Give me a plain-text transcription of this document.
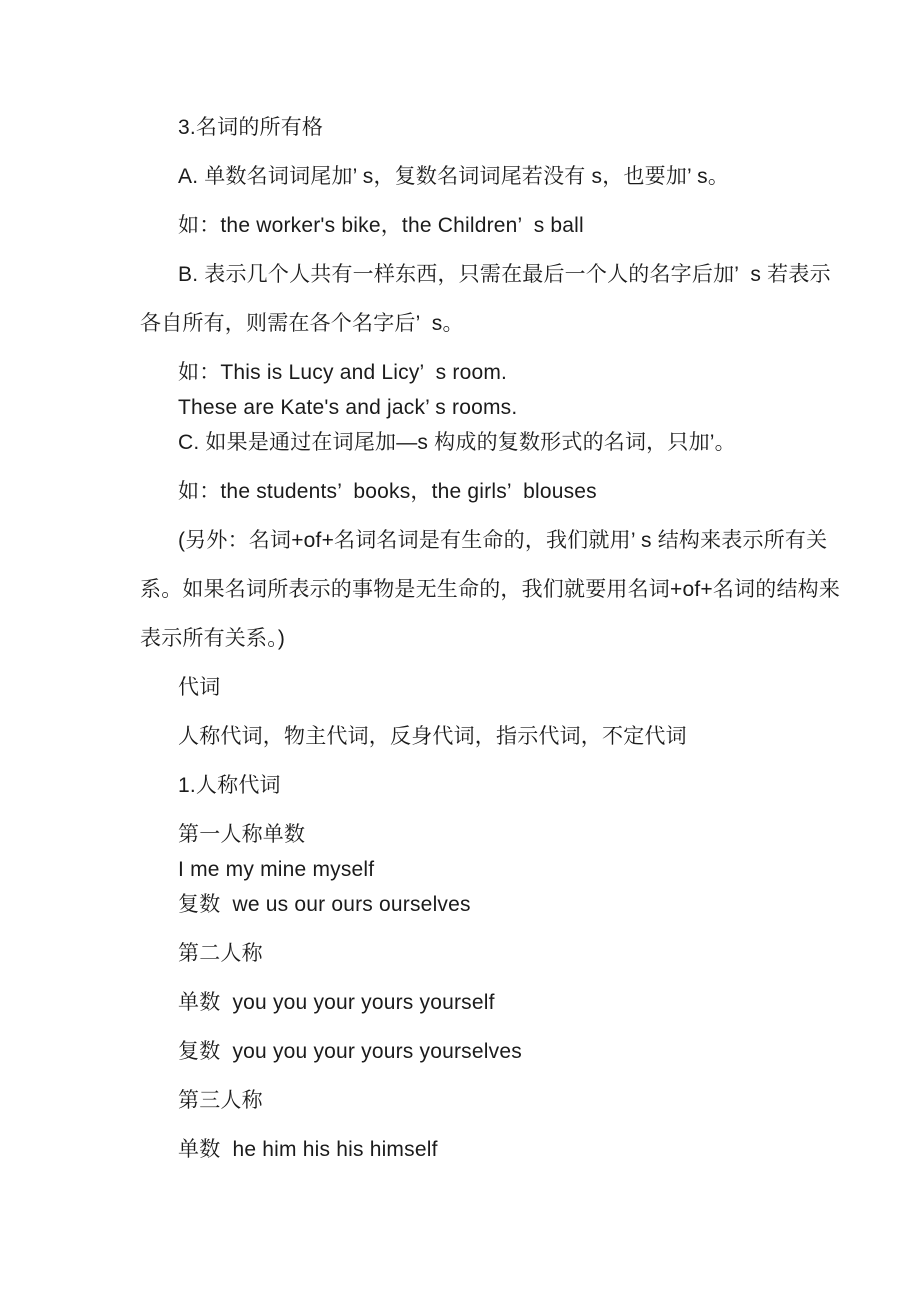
3.名词的所有格

A. 单数名词词尾加’ s，复数名词词尾若没有 s，也要加’ s。

如：the worker's bike，the Children’  s ball

B. 表示几个人共有一样东西，只需在最后一个人的名字后加’  s 若表示

各自所有，则需在各个名字后’  s。

如：This is Lucy and Licy’  s room.

These are Kate's and jack’ s rooms.

C. 如果是通过在词尾加—s 构成的复数形式的名词，只加’。

如：the students’  books，the girls’  blouses

(另外：名词+of+名词名词是有生命的，我们就用’ s 结构来表示所有关

系。如果名词所表示的事物是无生命的，我们就要用名词+of+名词的结构来

表示所有关系。)

代词

人称代词，物主代词，反身代词，指示代词，不定代词

1.人称代词

第一人称单数

I me my mine myself

复数  we us our ours ourselves

第二人称

单数  you you your yours yourself

复数  you you your yours yourselves

第三人称

单数  he him his his himself
